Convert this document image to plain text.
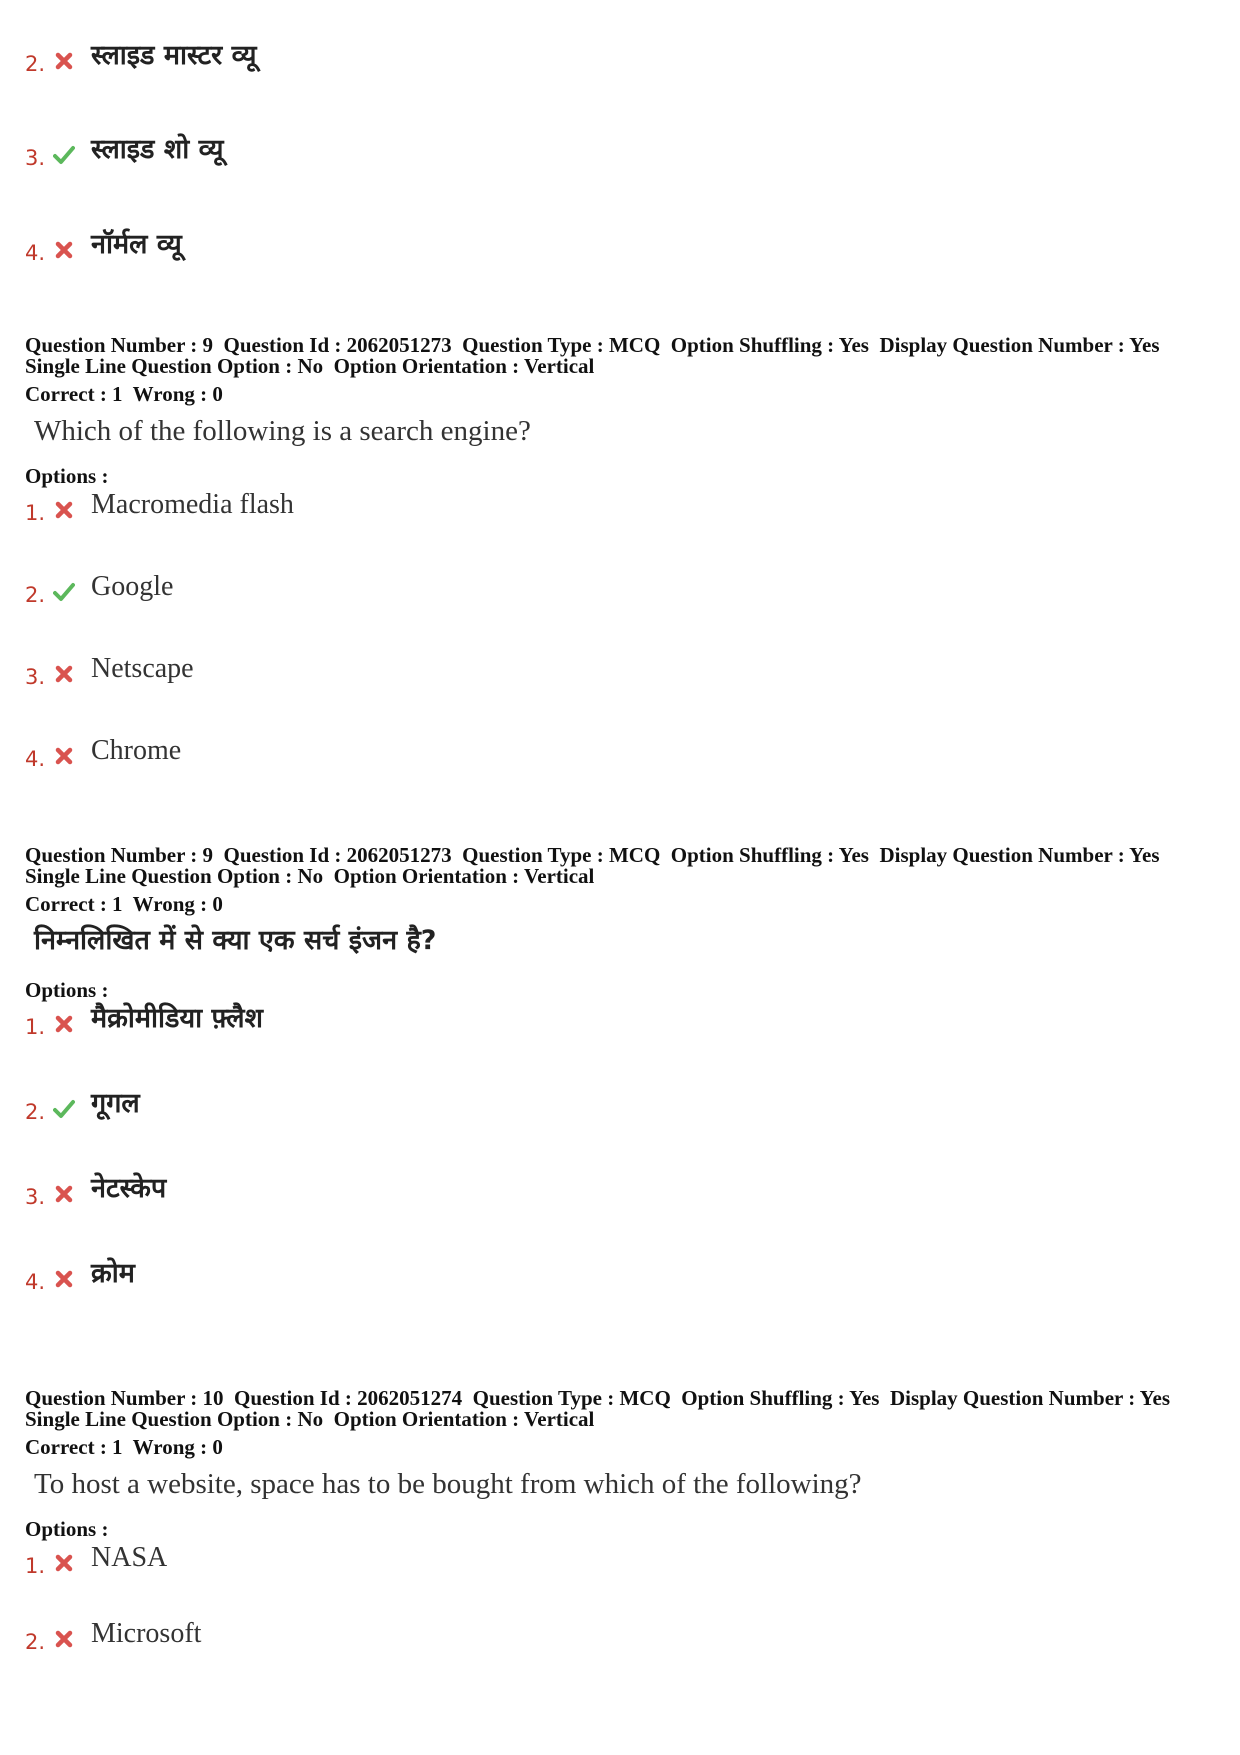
2. स्लाइड मास्टर व्यू
3. स्लाइड शो व्यू
4. नॉर्मल व्यू
Question Number : 9  Question Id : 2062051273  Question Type : MCQ  Option Shuffling : Yes  Display Question Number : Yes
Single Line Question Option : No  Option Orientation : Vertical
Correct : 1  Wrong : 0
Which of the following is a search engine?
Options :
1. Macromedia flash
2. Google
3. Netscape
4. Chrome
Question Number : 9  Question Id : 2062051273  Question Type : MCQ  Option Shuffling : Yes  Display Question Number : Yes
Single Line Question Option : No  Option Orientation : Vertical
Correct : 1  Wrong : 0
निम्नलिखित में से क्या एक सर्च इंजन है?
Options :
1. मैक्रोमीडिया फ़्लैश
2. गूगल
3. नेटस्केप
4. क्रोम
Question Number : 10  Question Id : 2062051274  Question Type : MCQ  Option Shuffling : Yes  Display Question Number : Yes
Single Line Question Option : No  Option Orientation : Vertical
Correct : 1  Wrong : 0
To host a website, space has to be bought from which of the following?
Options :
1. NASA
2. Microsoft
